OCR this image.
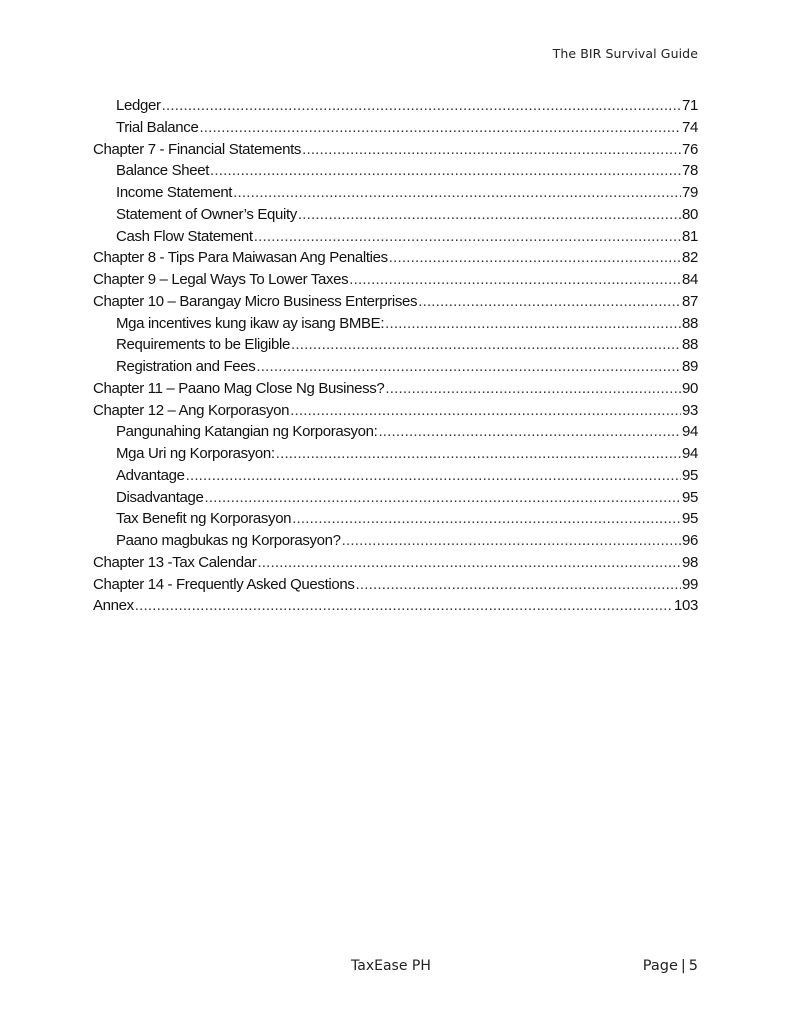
The BIR Survival Guide
Ledger .....	71
Trial Balance .....	74
Chapter 7 - Financial Statements .....	76
Balance Sheet .....	78
Income Statement .....	79
Statement of Owner’s Equity .....	80
Cash Flow Statement .....	81
Chapter 8 - Tips Para Maiwasan Ang Penalties .....	82
Chapter 9 – Legal Ways To Lower Taxes .....	84
Chapter 10 – Barangay Micro Business Enterprises .....	87
Mga incentives kung ikaw ay isang BMBE: .....	88
Requirements to be Eligible .....	88
Registration and Fees .....	89
Chapter 11 – Paano Mag Close Ng Business? .....	90
Chapter 12 – Ang Korporasyon .....	93
Pangunahing Katangian ng Korporasyon: .....	94
Mga Uri ng Korporasyon: .....	94
Advantage .....	95
Disadvantage .....	95
Tax Benefit ng Korporasyon .....	95
Paano magbukas ng Korporasyon? .....	96
Chapter 13 -Tax Calendar .....	98
Chapter 14 - Frequently Asked Questions .....	99
Annex .....	103
TaxEase PH	Page | 5
